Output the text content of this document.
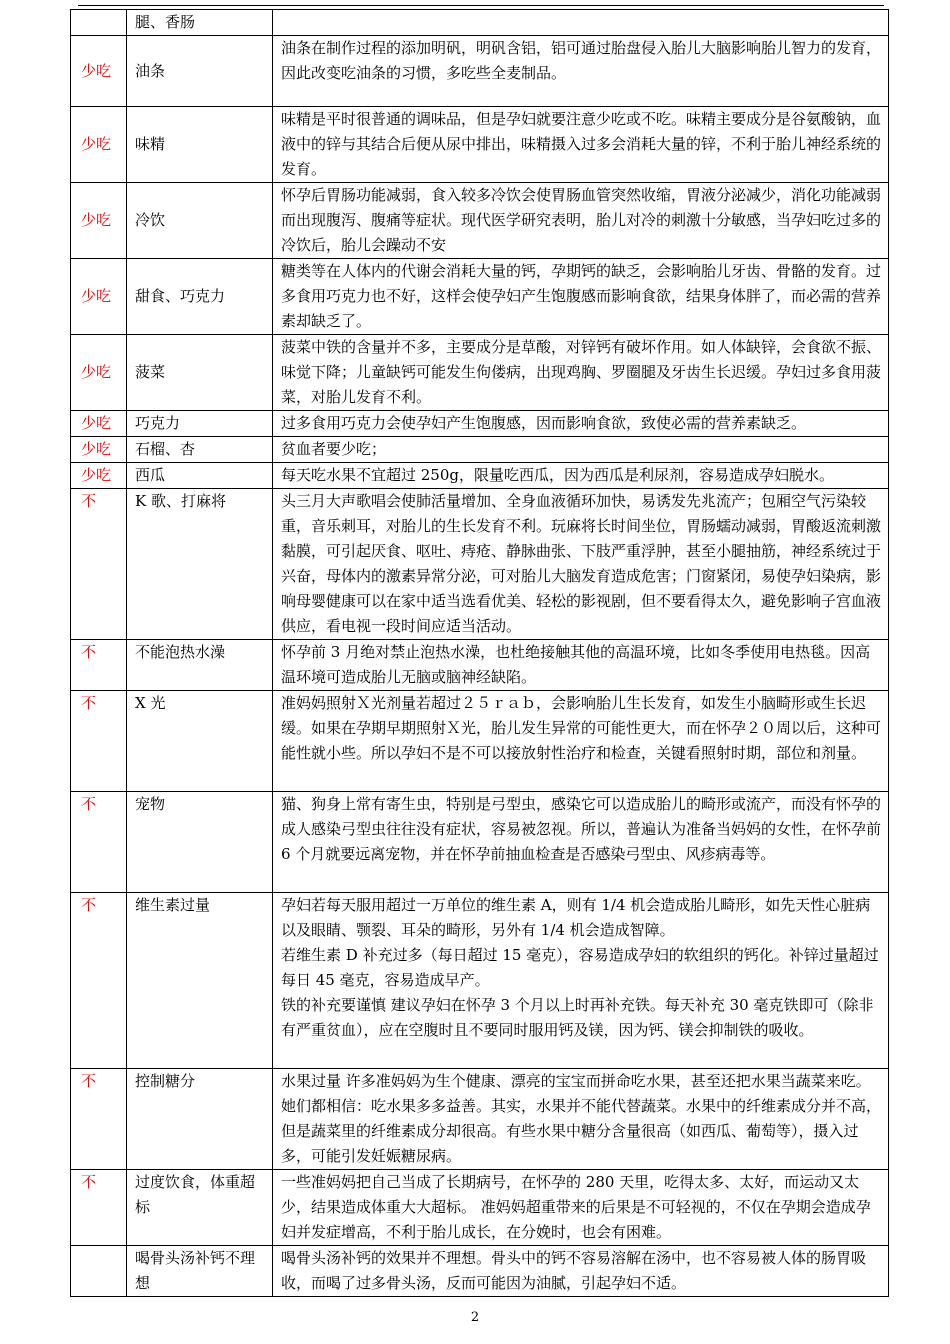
	腿、香肠	
少吃	油条	油条在制作过程的添加明矾，明矾含铝，铝可通过胎盘侵入胎儿大脑影响胎儿智力的发育，因此改变吃油条的习惯，多吃些全麦制品。
少吃	味精	味精是平时很普通的调味品，但是孕妇就要注意少吃或不吃。味精主要成分是谷氨酸钠，血液中的锌与其结合后便从尿中排出，味精摄入过多会消耗大量的锌，不利于胎儿神经系统的发育。
少吃	冷饮	怀孕后胃肠功能减弱，食入较多冷饮会使胃肠血管突然收缩，胃液分泌减少，消化功能减弱而出现腹泻、腹痛等症状。现代医学研究表明，胎儿对冷的刺激十分敏感，当孕妇吃过多的冷饮后，胎儿会躁动不安
少吃	甜食、巧克力	糖类等在人体内的代谢会消耗大量的钙，孕期钙的缺乏，会影响胎儿牙齿、骨骼的发育。过多食用巧克力也不好，这样会使孕妇产生饱腹感而影响食欲，结果身体胖了，而必需的营养素却缺乏了。
少吃	菠菜	菠菜中铁的含量并不多，主要成分是草酸，对锌钙有破坏作用。如人体缺锌，会食欲不振、味觉下降；儿童缺钙可能发生佝偻病，出现鸡胸、罗圈腿及牙齿生长迟缓。孕妇过多食用菠菜，对胎儿发育不利。
少吃	巧克力	过多食用巧克力会使孕妇产生饱腹感，因而影响食欲，致使必需的营养素缺乏。
少吃	石榴、杏	贫血者要少吃；
少吃	西瓜	每天吃水果不宜超过 250g，限量吃西瓜，因为西瓜是利尿剂，容易造成孕妇脱水。
不	K 歌、打麻将	头三月大声歌唱会使肺活量增加、全身血液循环加快，易诱发先兆流产；包厢空气污染较重，音乐刺耳，对胎儿的生长发育不利。玩麻将长时间坐位，胃肠蠕动减弱，胃酸返流刺激黏膜，可引起厌食、呕吐、痔疮、静脉曲张、下肢严重浮肿，甚至小腿抽筋，神经系统过于兴奋，母体内的激素异常分泌，可对胎儿大脑发育造成危害；门窗紧闭，易使孕妇染病，影响母婴健康可以在家中适当选看优美、轻松的影视剧，但不要看得太久，避免影响子宫血液供应，看电视一段时间应适当活动。
不	不能泡热水澡	怀孕前 3 月绝对禁止泡热水澡，也杜绝接触其他的高温环境，比如冬季使用电热毯。因高温环境可造成胎儿无脑或脑神经缺陷。
不	X 光	准妈妈照射Ｘ光剂量若超过２５ｒａｂ，会影响胎儿生长发育，如发生小脑畸形或生长迟缓。如果在孕期早期照射Ｘ光，胎儿发生异常的可能性更大，而在怀孕２０周以后，这种可能性就小些。所以孕妇不是不可以接放射性治疗和检查，关键看照射时期，部位和剂量。
不	宠物	猫、狗身上常有寄生虫，特别是弓型虫，感染它可以造成胎儿的畸形或流产，而没有怀孕的成人感染弓型虫往往没有症状，容易被忽视。所以，普遍认为准备当妈妈的女性，在怀孕前 6 个月就要远离宠物，并在怀孕前抽血检查是否感染弓型虫、风疹病毒等。
不	维生素过量	孕妇若每天服用超过一万单位的维生素 A，则有 1/4 机会造成胎儿畸形，如先天性心脏病以及眼睛、颚裂、耳朵的畸形，另外有 1/4 机会造成智障。
若维生素 D 补充过多（每日超过 15 毫克），容易造成孕妇的软组织的钙化。补锌过量超过每日 45 毫克，容易造成早产。
铁的补充要谨慎 建议孕妇在怀孕 3 个月以上时再补充铁。每天补充 30 毫克铁即可（除非有严重贫血），应在空腹时且不要同时服用钙及镁，因为钙、镁会抑制铁的吸收。

不	控制糖分	水果过量 许多准妈妈为生个健康、漂亮的宝宝而拼命吃水果，甚至还把水果当蔬菜来吃。她们都相信：吃水果多多益善。其实，水果并不能代替蔬菜。水果中的纤维素成分并不高，但是蔬菜里的纤维素成分却很高。有些水果中糖分含量很高（如西瓜、葡萄等），摄入过多，可能引发妊娠糖尿病。
不	过度饮食，体重超标	一些准妈妈把自己当成了长期病号，在怀孕的 280 天里，吃得太多、太好，而运动又太少，结果造成体重大大超标。 准妈妈超重带来的后果是不可轻视的，不仅在孕期会造成孕妇并发症增高，不利于胎儿成长，在分娩时，也会有困难。
	喝骨头汤补钙不理想	喝骨头汤补钙的效果并不理想。骨头中的钙不容易溶解在汤中，也不容易被人体的肠胃吸收，而喝了过多骨头汤，反而可能因为油腻，引起孕妇不适。
2
